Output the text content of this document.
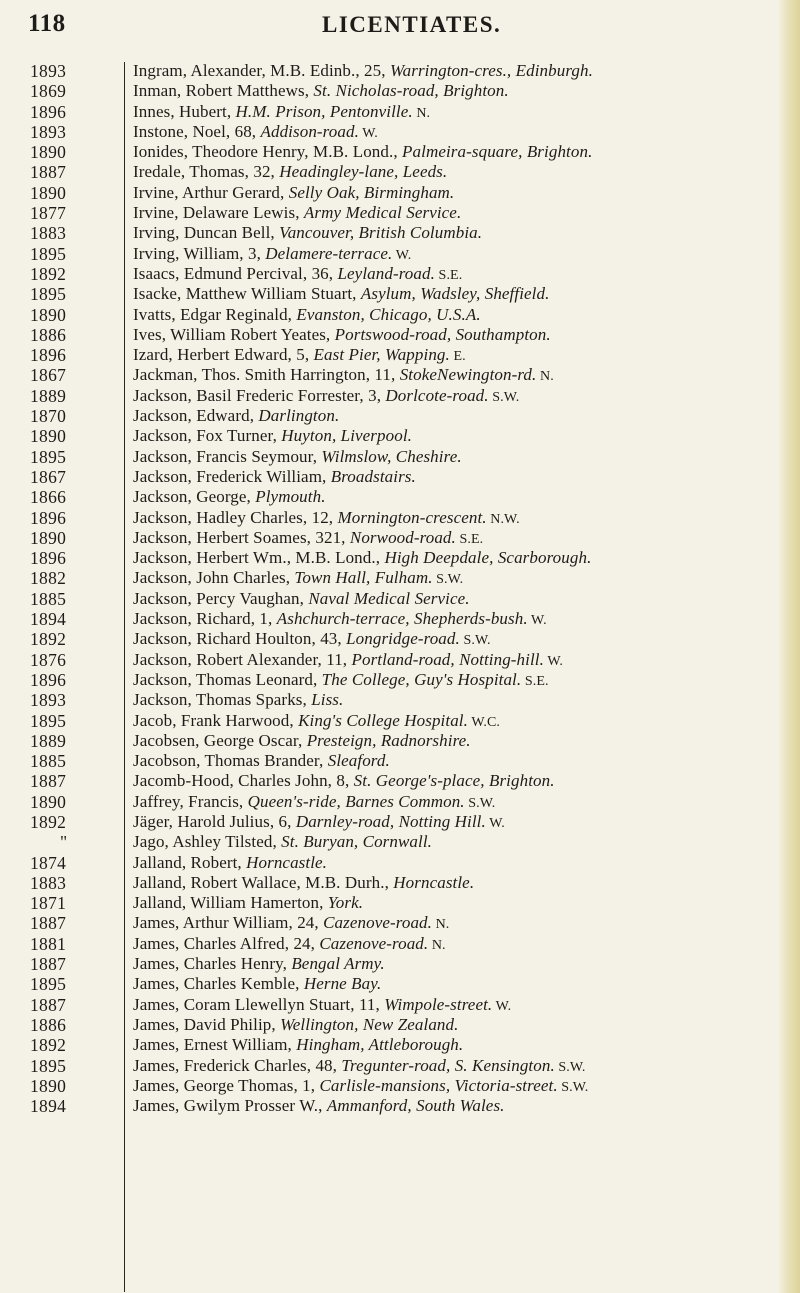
118	LICENTIATES.
1893	Ingram, Alexander, M.B. Edinb., 25, Warrington-cres., Edinburgh.
1869	Inman, Robert Matthews, St. Nicholas-road, Brighton.
1896	Innes, Hubert, H.M. Prison, Pentonville. N.
1893	Instone, Noel, 68, Addison-road. W.
1890	Ionides, Theodore Henry, M.B. Lond., Palmeira-square, Brighton.
1887	Iredale, Thomas, 32, Headingley-lane, Leeds.
1890	Irvine, Arthur Gerard, Selly Oak, Birmingham.
1877	Irvine, Delaware Lewis, Army Medical Service.
1883	Irving, Duncan Bell, Vancouver, British Columbia.
1895	Irving, William, 3, Delamere-terrace. W.
1892	Isaacs, Edmund Percival, 36, Leyland-road. S.E.
1895	Isacke, Matthew William Stuart, Asylum, Wadsley, Sheffield.
1890	Ivatts, Edgar Reginald, Evanston, Chicago, U.S.A.
1886	Ives, William Robert Yeates, Portswood-road, Southampton.
1896	Izard, Herbert Edward, 5, East Pier, Wapping. E.
1867	Jackman, Thos. Smith Harrington, 11, StokeNewington-rd. N.
1889	Jackson, Basil Frederic Forrester, 3, Dorlcote-road. S.W.
1870	Jackson, Edward, Darlington.
1890	Jackson, Fox Turner, Huyton, Liverpool.
1895	Jackson, Francis Seymour, Wilmslow, Cheshire.
1867	Jackson, Frederick William, Broadstairs.
1866	Jackson, George, Plymouth.
1896	Jackson, Hadley Charles, 12, Mornington-crescent. N.W.
1890	Jackson, Herbert Soames, 321, Norwood-road. S.E.
1896	Jackson, Herbert Wm., M.B. Lond., High Deepdale, Scarborough.
1882	Jackson, John Charles, Town Hall, Fulham. S.W.
1885	Jackson, Percy Vaughan, Naval Medical Service.
1894	Jackson, Richard, 1, Ashchurch-terrace, Shepherds-bush. W.
1892	Jackson, Richard Houlton, 43, Longridge-road. S.W.
1876	Jackson, Robert Alexander, 11, Portland-road, Notting-hill. W.
1896	Jackson, Thomas Leonard, The College, Guy's Hospital. S.E.
1893	Jackson, Thomas Sparks, Liss.
1895	Jacob, Frank Harwood, King's College Hospital. W.C.
1889	Jacobsen, George Oscar, Presteign, Radnorshire.
1885	Jacobson, Thomas Brander, Sleaford.
1887	Jacomb-Hood, Charles John, 8, St. George's-place, Brighton.
1890	Jaffrey, Francis, Queen's-ride, Barnes Common. S.W.
1892	Jäger, Harold Julius, 6, Darnley-road, Notting Hill. W.
"	Jago, Ashley Tilsted, St. Buryan, Cornwall.
1874	Jalland, Robert, Horncastle.
1883	Jalland, Robert Wallace, M.B. Durh., Horncastle.
1871	Jalland, William Hamerton, York.
1887	James, Arthur William, 24, Cazenove-road. N.
1881	James, Charles Alfred, 24, Cazenove-road. N.
1887	James, Charles Henry, Bengal Army.
1895	James, Charles Kemble, Herne Bay.
1887	James, Coram Llewellyn Stuart, 11, Wimpole-street. W.
1886	James, David Philip, Wellington, New Zealand.
1892	James, Ernest William, Hingham, Attleborough.
1895	James, Frederick Charles, 48, Tregunter-road, S. Kensington. S.W.
1890	James, George Thomas, 1, Carlisle-mansions, Victoria-street. S.W.
1894	James, Gwilym Prosser W., Ammanford, South Wales.
